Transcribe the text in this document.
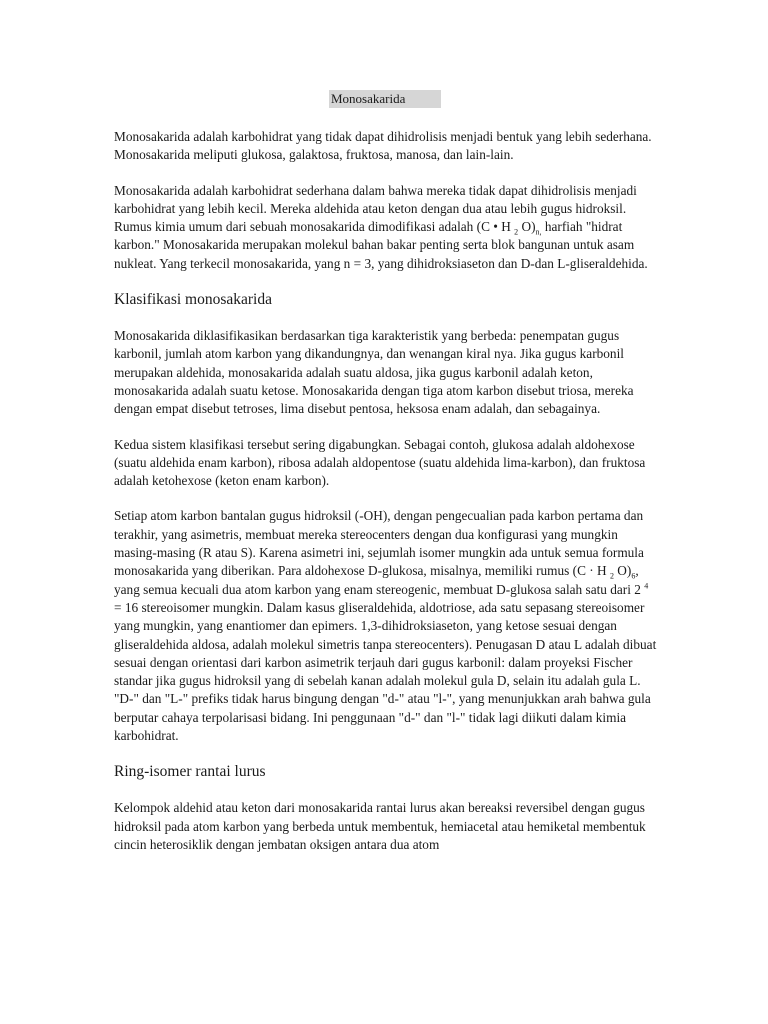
Monosakarida

Monosakarida adalah karbohidrat yang tidak dapat dihidrolisis menjadi bentuk yang lebih sederhana. Monosakarida meliputi glukosa, galaktosa, fruktosa, manosa, dan lain-lain.

Monosakarida adalah karbohidrat sederhana dalam bahwa mereka tidak dapat dihidrolisis menjadi karbohidrat yang lebih kecil. Mereka aldehida atau keton dengan dua atau lebih gugus hidroksil. Rumus kimia umum dari sebuah monosakarida dimodifikasi adalah (C • H $_2$ $O)_{n,}$ harfiah "hidrat karbon." Monosakarida merupakan molekul bahan bakar penting serta blok bangunan untuk asam nukleat. Yang terkecil monosakarida, yang n = 3, yang dihidroksiaseton dan D-dan L-gliseraldehida.

Klasifikasi monosakarida

Monosakarida diklasifikasikan berdasarkan tiga karakteristik yang berbeda: penempatan gugus karbonil, jumlah atom karbon yang dikandungnya, dan wenangan kiral nya. Jika gugus karbonil merupakan aldehida, monosakarida adalah suatu aldosa, jika gugus karbonil adalah keton, monosakarida adalah suatu ketose. Monosakarida dengan tiga atom karbon disebut triosa, mereka dengan empat disebut tetroses, lima disebut pentosa, heksosa enam adalah, dan sebagainya.

Kedua sistem klasifikasi tersebut sering digabungkan. Sebagai contoh, glukosa adalah aldohexose (suatu aldehida enam karbon), ribosa adalah aldopentose (suatu aldehida lima-karbon), dan fruktosa adalah ketohexose (keton enam karbon).

Setiap atom karbon bantalan gugus hidroksil (-OH), dengan pengecualian pada karbon pertama dan terakhir, yang asimetris, membuat mereka stereocenters dengan dua konfigurasi yang mungkin masing-masing (R atau S). Karena asimetri ini, sejumlah isomer mungkin ada untuk semua formula monosakarida yang diberikan. Para aldohexose D-glukosa, misalnya, memiliki rumus (C · H $_2$ $O)_6$, yang semua kecuali dua atom karbon yang enam stereogenic, membuat D-glukosa salah satu dari 2 $^4$ = 16 stereoisomer mungkin. Dalam kasus gliseraldehida, aldotriose, ada satu sepasang stereoisomer yang mungkin, yang enantiomer dan epimers. 1,3-dihidroksiaseton, yang ketose sesuai dengan gliseraldehida aldosa, adalah molekul simetris tanpa stereocenters). Penugasan D atau L adalah dibuat sesuai dengan orientasi dari karbon asimetrik terjauh dari gugus karbonil: dalam proyeksi Fischer standar jika gugus hidroksil yang di sebelah kanan adalah molekul gula D, selain itu adalah gula L. "D-" dan "L-" prefiks tidak harus bingung dengan "d-" atau "l-", yang menunjukkan arah bahwa gula berputar cahaya terpolarisasi bidang. Ini penggunaan "d-" dan "l-" tidak lagi diikuti dalam kimia karbohidrat.

Ring-isomer rantai lurus

Kelompok aldehid atau keton dari monosakarida rantai lurus akan bereaksi reversibel dengan gugus hidroksil pada atom karbon yang berbeda untuk membentuk, hemiacetal atau hemiketal membentuk cincin heterosiklik dengan jembatan oksigen antara dua atom
